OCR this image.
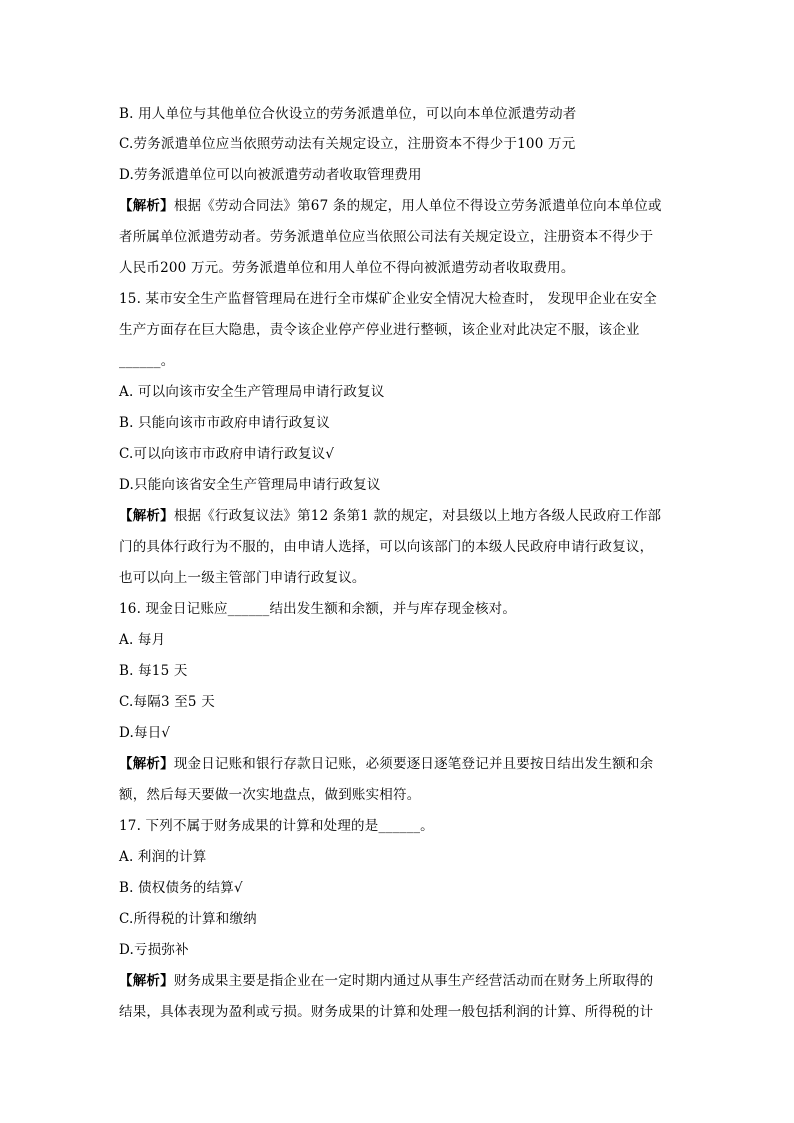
B. 用人单位与其他单位合伙设立的劳务派遣单位，可以向本单位派遣劳动者
C.劳务派遣单位应当依照劳动法有关规定设立，注册资本不得少于100 万元
D.劳务派遣单位可以向被派遣劳动者收取管理费用
【解析】根据《劳动合同法》第67 条的规定，用人单位不得设立劳务派遣单位向本单位或
者所属单位派遣劳动者。劳务派遣单位应当依照公司法有关规定设立，注册资本不得少于
人民币200 万元。劳务派遣单位和用人单位不得向被派遣劳动者收取费用。
15. 某市安全生产监督管理局在进行全市煤矿企业安全情况大检查时， 发现甲企业在安全
生产方面存在巨大隐患，责令该企业停产停业进行整顿，该企业对此决定不服，该企业
______。
A. 可以向该市安全生产管理局申请行政复议
B. 只能向该市市政府申请行政复议
C.可以向该市市政府申请行政复议√
D.只能向该省安全生产管理局申请行政复议
【解析】根据《行政复议法》第12 条第1 款的规定，对县级以上地方各级人民政府工作部
门的具体行政行为不服的，由申请人选择，可以向该部门的本级人民政府申请行政复议，
也可以向上一级主管部门申请行政复议。
16. 现金日记账应______结出发生额和余额，并与库存现金核对。
A. 每月
B. 每15 天
C.每隔3 至5 天
D.每日√
【解析】现金日记账和银行存款日记账，必须要逐日逐笔登记并且要按日结出发生额和余
额，然后每天要做一次实地盘点，做到账实相符。
17. 下列不属于财务成果的计算和处理的是______。
A. 利润的计算
B. 债权债务的结算√
C.所得税的计算和缴纳
D.亏损弥补
【解析】财务成果主要是指企业在一定时期内通过从事生产经营活动而在财务上所取得的
结果，具体表现为盈利或亏损。财务成果的计算和处理一般包括利润的计算、所得税的计
